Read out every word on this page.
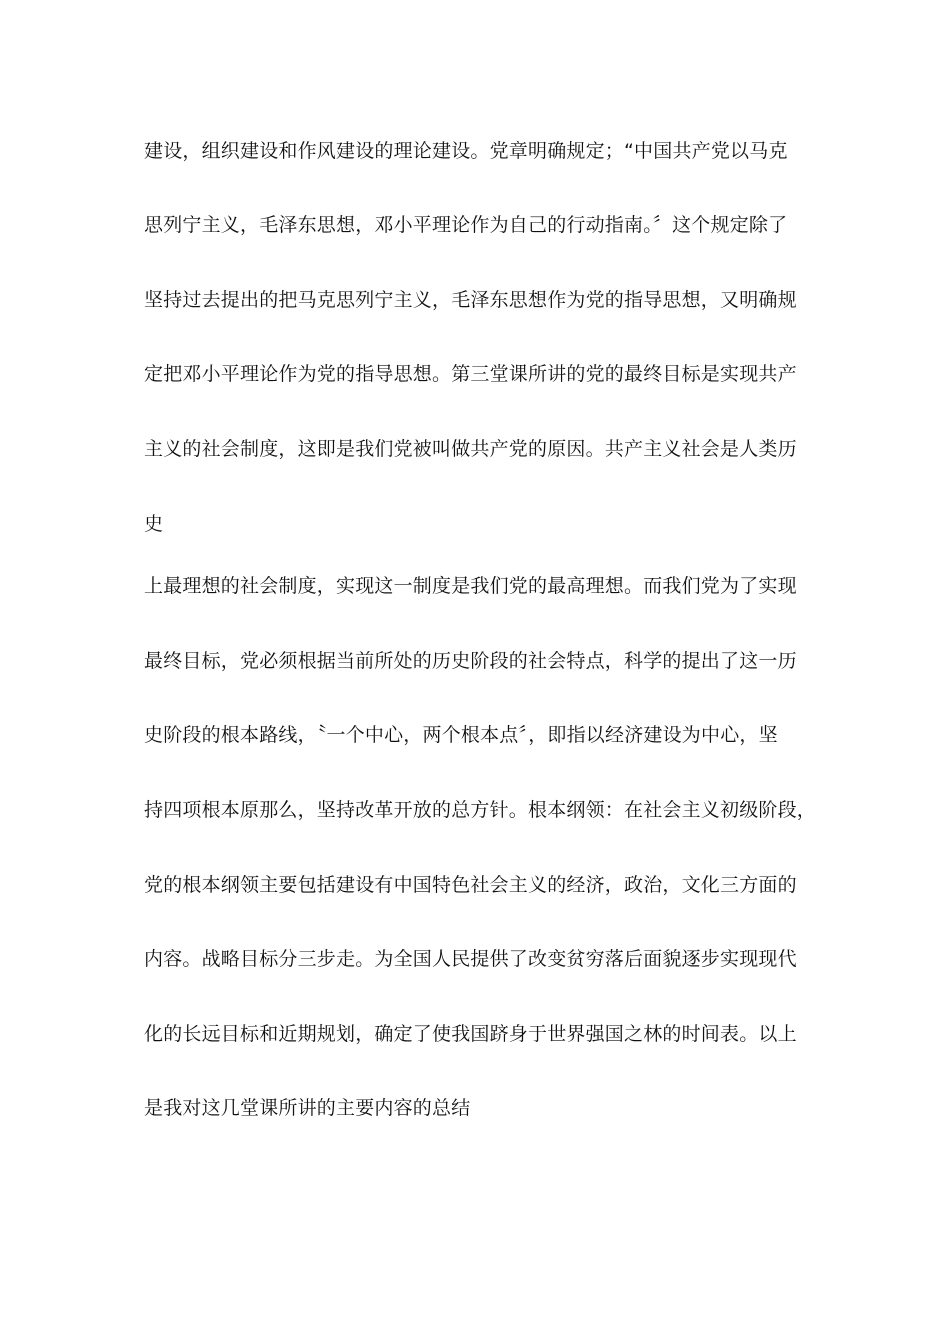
建设，组织建设和作风建设的理论建设。党章明确规定；“中国共产党以马克
思列宁主义，毛泽东思想，邓小平理论作为自己的行动指南。〞这个规定除了
坚持过去提出的把马克思列宁主义，毛泽东思想作为党的指导思想，又明确规
定把邓小平理论作为党的指导思想。第三堂课所讲的党的最终目标是实现共产
主义的社会制度，这即是我们党被叫做共产党的原因。共产主义社会是人类历
史
上最理想的社会制度，实现这一制度是我们党的最高理想。而我们党为了实现
最终目标，党必须根据当前所处的历史阶段的社会特点，科学的提出了这一历
史阶段的根本路线，〝一个中心，两个根本点〞，即指以经济建设为中心，坚
持四项根本原那么，坚持改革开放的总方针。根本纲领：在社会主义初级阶段，
党的根本纲领主要包括建设有中国特色社会主义的经济，政治，文化三方面的
内容。战略目标分三步走。为全国人民提供了改变贫穷落后面貌逐步实现现代
化的长远目标和近期规划，确定了使我国跻身于世界强国之林的时间表。以上
是我对这几堂课所讲的主要内容的总结
